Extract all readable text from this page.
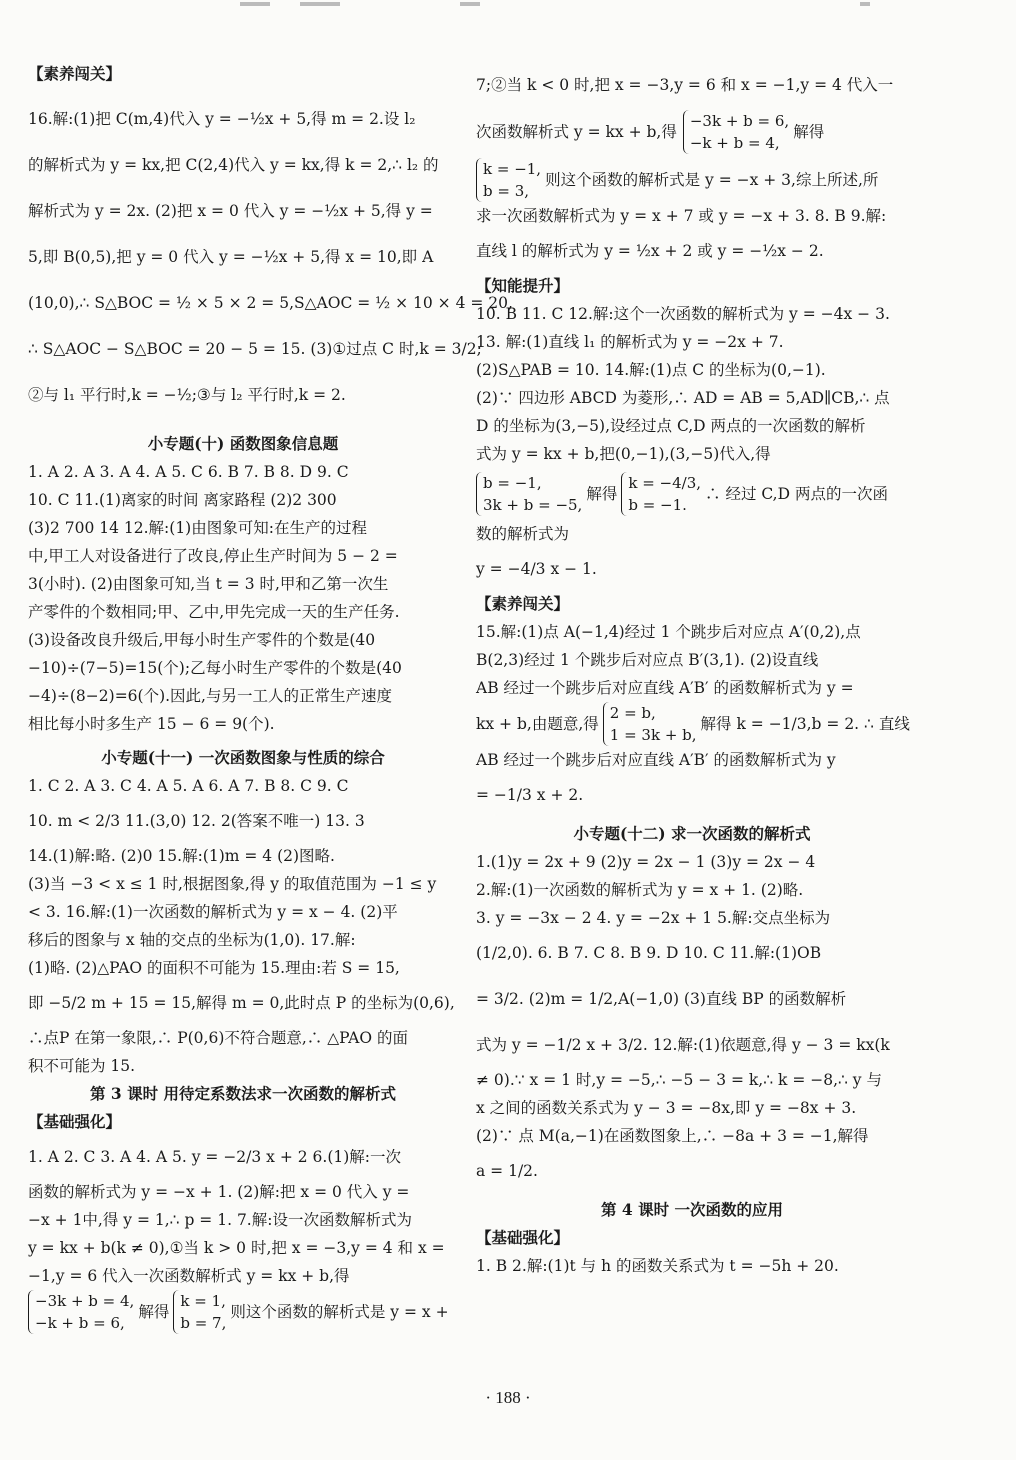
【素养闯关】
16.解:(1)把 C(m,4)代入 y = −½x + 5,得 m = 2.设 l₂
的解析式为 y = kx,把 C(2,4)代入 y = kx,得 k = 2,∴ l₂ 的
解析式为 y = 2x. (2)把 x = 0 代入 y = −½x + 5,得 y =
5,即 B(0,5),把 y = 0 代入 y = −½x + 5,得 x = 10,即 A
(10,0),∴ S△BOC = ½ × 5 × 2 = 5,S△AOC = ½ × 10 × 4 = 20,
∴ S△AOC − S△BOC = 20 − 5 = 15. (3)①过点 C 时,k = 3/2;
②与 l₁ 平行时,k = −½;③与 l₂ 平行时,k = 2.
小专题(十) 函数图象信息题
1. A 2. A 3. A 4. A 5. C 6. B 7. B 8. D 9. C
10. C 11.(1)离家的时间 离家路程 (2)2 300
(3)2 700 14 12.解:(1)由图象可知:在生产的过程
中,甲工人对设备进行了改良,停止生产时间为 5 − 2 =
3(小时). (2)由图象可知,当 t = 3 时,甲和乙第一次生
产零件的个数相同;甲、乙中,甲先完成一天的生产任务.
(3)设备改良升级后,甲每小时生产零件的个数是(40
−10)÷(7−5)=15(个);乙每小时生产零件的个数是(40
−4)÷(8−2)=6(个).因此,与另一工人的正常生产速度
相比每小时多生产 15 − 6 = 9(个).
小专题(十一) 一次函数图象与性质的综合
1. C 2. A 3. C 4. A 5. A 6. A 7. B 8. C 9. C
10. m < 2/3 11.(3,0) 12. 2(答案不唯一) 13. 3
14.(1)解:略. (2)0 15.解:(1)m = 4 (2)图略.
(3)当 −3 < x ≤ 1 时,根据图象,得 y 的取值范围为 −1 ≤ y
< 3. 16.解:(1)一次函数的解析式为 y = x − 4. (2)平
移后的图象与 x 轴的交点的坐标为(1,0). 17.解:
(1)略. (2)△PAO 的面积不可能为 15.理由:若 S = 15,
即 −5/2 m + 15 = 15,解得 m = 0,此时点 P 的坐标为(0,6),
∴点P 在第一象限,∴ P(0,6)不符合题意,∴ △PAO 的面
积不可能为 15.
第 3 课时 用待定系数法求一次函数的解析式
【基础强化】
1. A 2. C 3. A 4. A 5. y = −2/3 x + 2 6.(1)解:一次
函数的解析式为 y = −x + 1. (2)解:把 x = 0 代入 y =
−x + 1中,得 y = 1,∴ p = 1. 7.解:设一次函数解析式为
y = kx + b(k ≠ 0),①当 k > 0 时,把 x = −3,y = 4 和 x =
−1,y = 6 代入一次函数解析式 y = kx + b,得
−3k + b = 4,
−k + b = 6,
解得
k = 1,
b = 7,
则这个函数的解析式是 y = x +
7;②当 k < 0 时,把 x = −3,y = 6 和 x = −1,y = 4 代入一
次函数解析式 y = kx + b,得
−3k + b = 6,
−k + b = 4,
解得
k = −1,
b = 3,
则这个函数的解析式是 y = −x + 3,综上所述,所
求一次函数解析式为 y = x + 7 或 y = −x + 3. 8. B 9.解:
直线 l 的解析式为 y = ½x + 2 或 y = −½x − 2.
【知能提升】
10. B 11. C 12.解:这个一次函数的解析式为 y = −4x − 3.
13. 解:(1)直线 l₁ 的解析式为 y = −2x + 7.
(2)S△PAB = 10. 14.解:(1)点 C 的坐标为(0,−1).
(2)∵ 四边形 ABCD 为菱形,∴ AD = AB = 5,AD∥CB,∴ 点
D 的坐标为(3,−5),设经过点 C,D 两点的一次函数的解析
式为 y = kx + b,把(0,−1),(3,−5)代入,得
b = −1,
3k + b = −5,
解得
k = −4/3,
b = −1.
∴ 经过 C,D 两点的一次函
数的解析式为
y = −4/3 x − 1.
【素养闯关】
15.解:(1)点 A(−1,4)经过 1 个跳步后对应点 A′(0,2),点
B(2,3)经过 1 个跳步后对应点 B′(3,1). (2)设直线
AB 经过一个跳步后对应直线 A′B′ 的函数解析式为 y =
kx + b,由题意,得
2 = b,
1 = 3k + b,
解得 k = −1/3,b = 2. ∴ 直线
AB 经过一个跳步后对应直线 A′B′ 的函数解析式为 y
= −1/3 x + 2.
小专题(十二) 求一次函数的解析式
1.(1)y = 2x + 9 (2)y = 2x − 1 (3)y = 2x − 4
2.解:(1)一次函数的解析式为 y = x + 1. (2)略.
3. y = −3x − 2 4. y = −2x + 1 5.解:交点坐标为
(1/2,0). 6. B 7. C 8. B 9. D 10. C 11.解:(1)OB
= 3/2. (2)m = 1/2,A(−1,0) (3)直线 BP 的函数解析
式为 y = −1/2 x + 3/2. 12.解:(1)依题意,得 y − 3 = kx(k
≠ 0).∵ x = 1 时,y = −5,∴ −5 − 3 = k,∴ k = −8,∴ y 与
x 之间的函数关系式为 y − 3 = −8x,即 y = −8x + 3.
(2)∵ 点 M(a,−1)在函数图象上,∴ −8a + 3 = −1,解得
a = 1/2.
第 4 课时 一次函数的应用
【基础强化】
1. B 2.解:(1)t 与 h 的函数关系式为 t = −5h + 20.
· 188 ·
